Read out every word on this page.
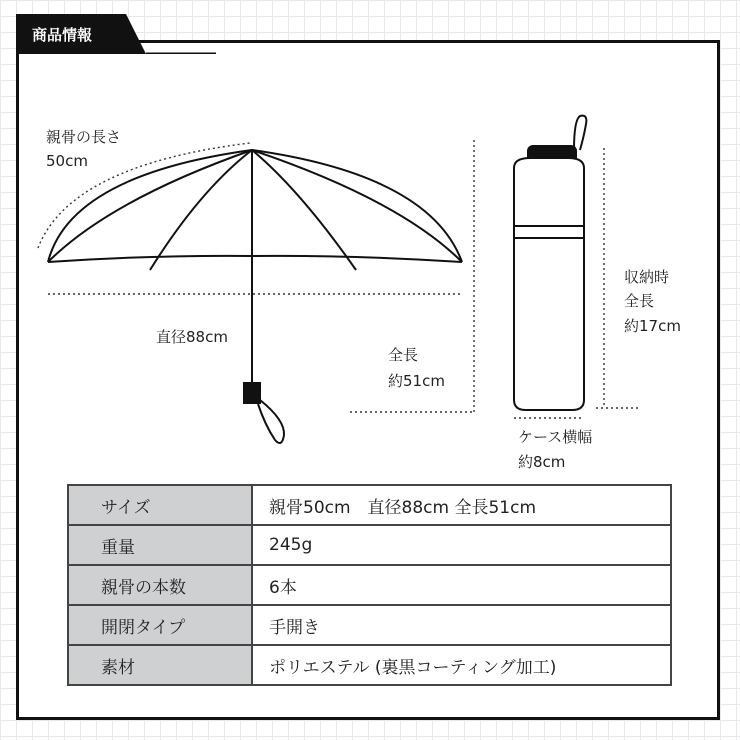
商品情報
親骨の長さ
50cm
直径88cm
全長
約51cm
収納時
全長
約17cm
ケース横幅
約8cm
サイズ	親骨50cm　直径88cm 全長51cm
重量	245g
親骨の本数	6本
開閉タイプ	手開き
素材	ポリエステル (裏黒コーティング加工)
